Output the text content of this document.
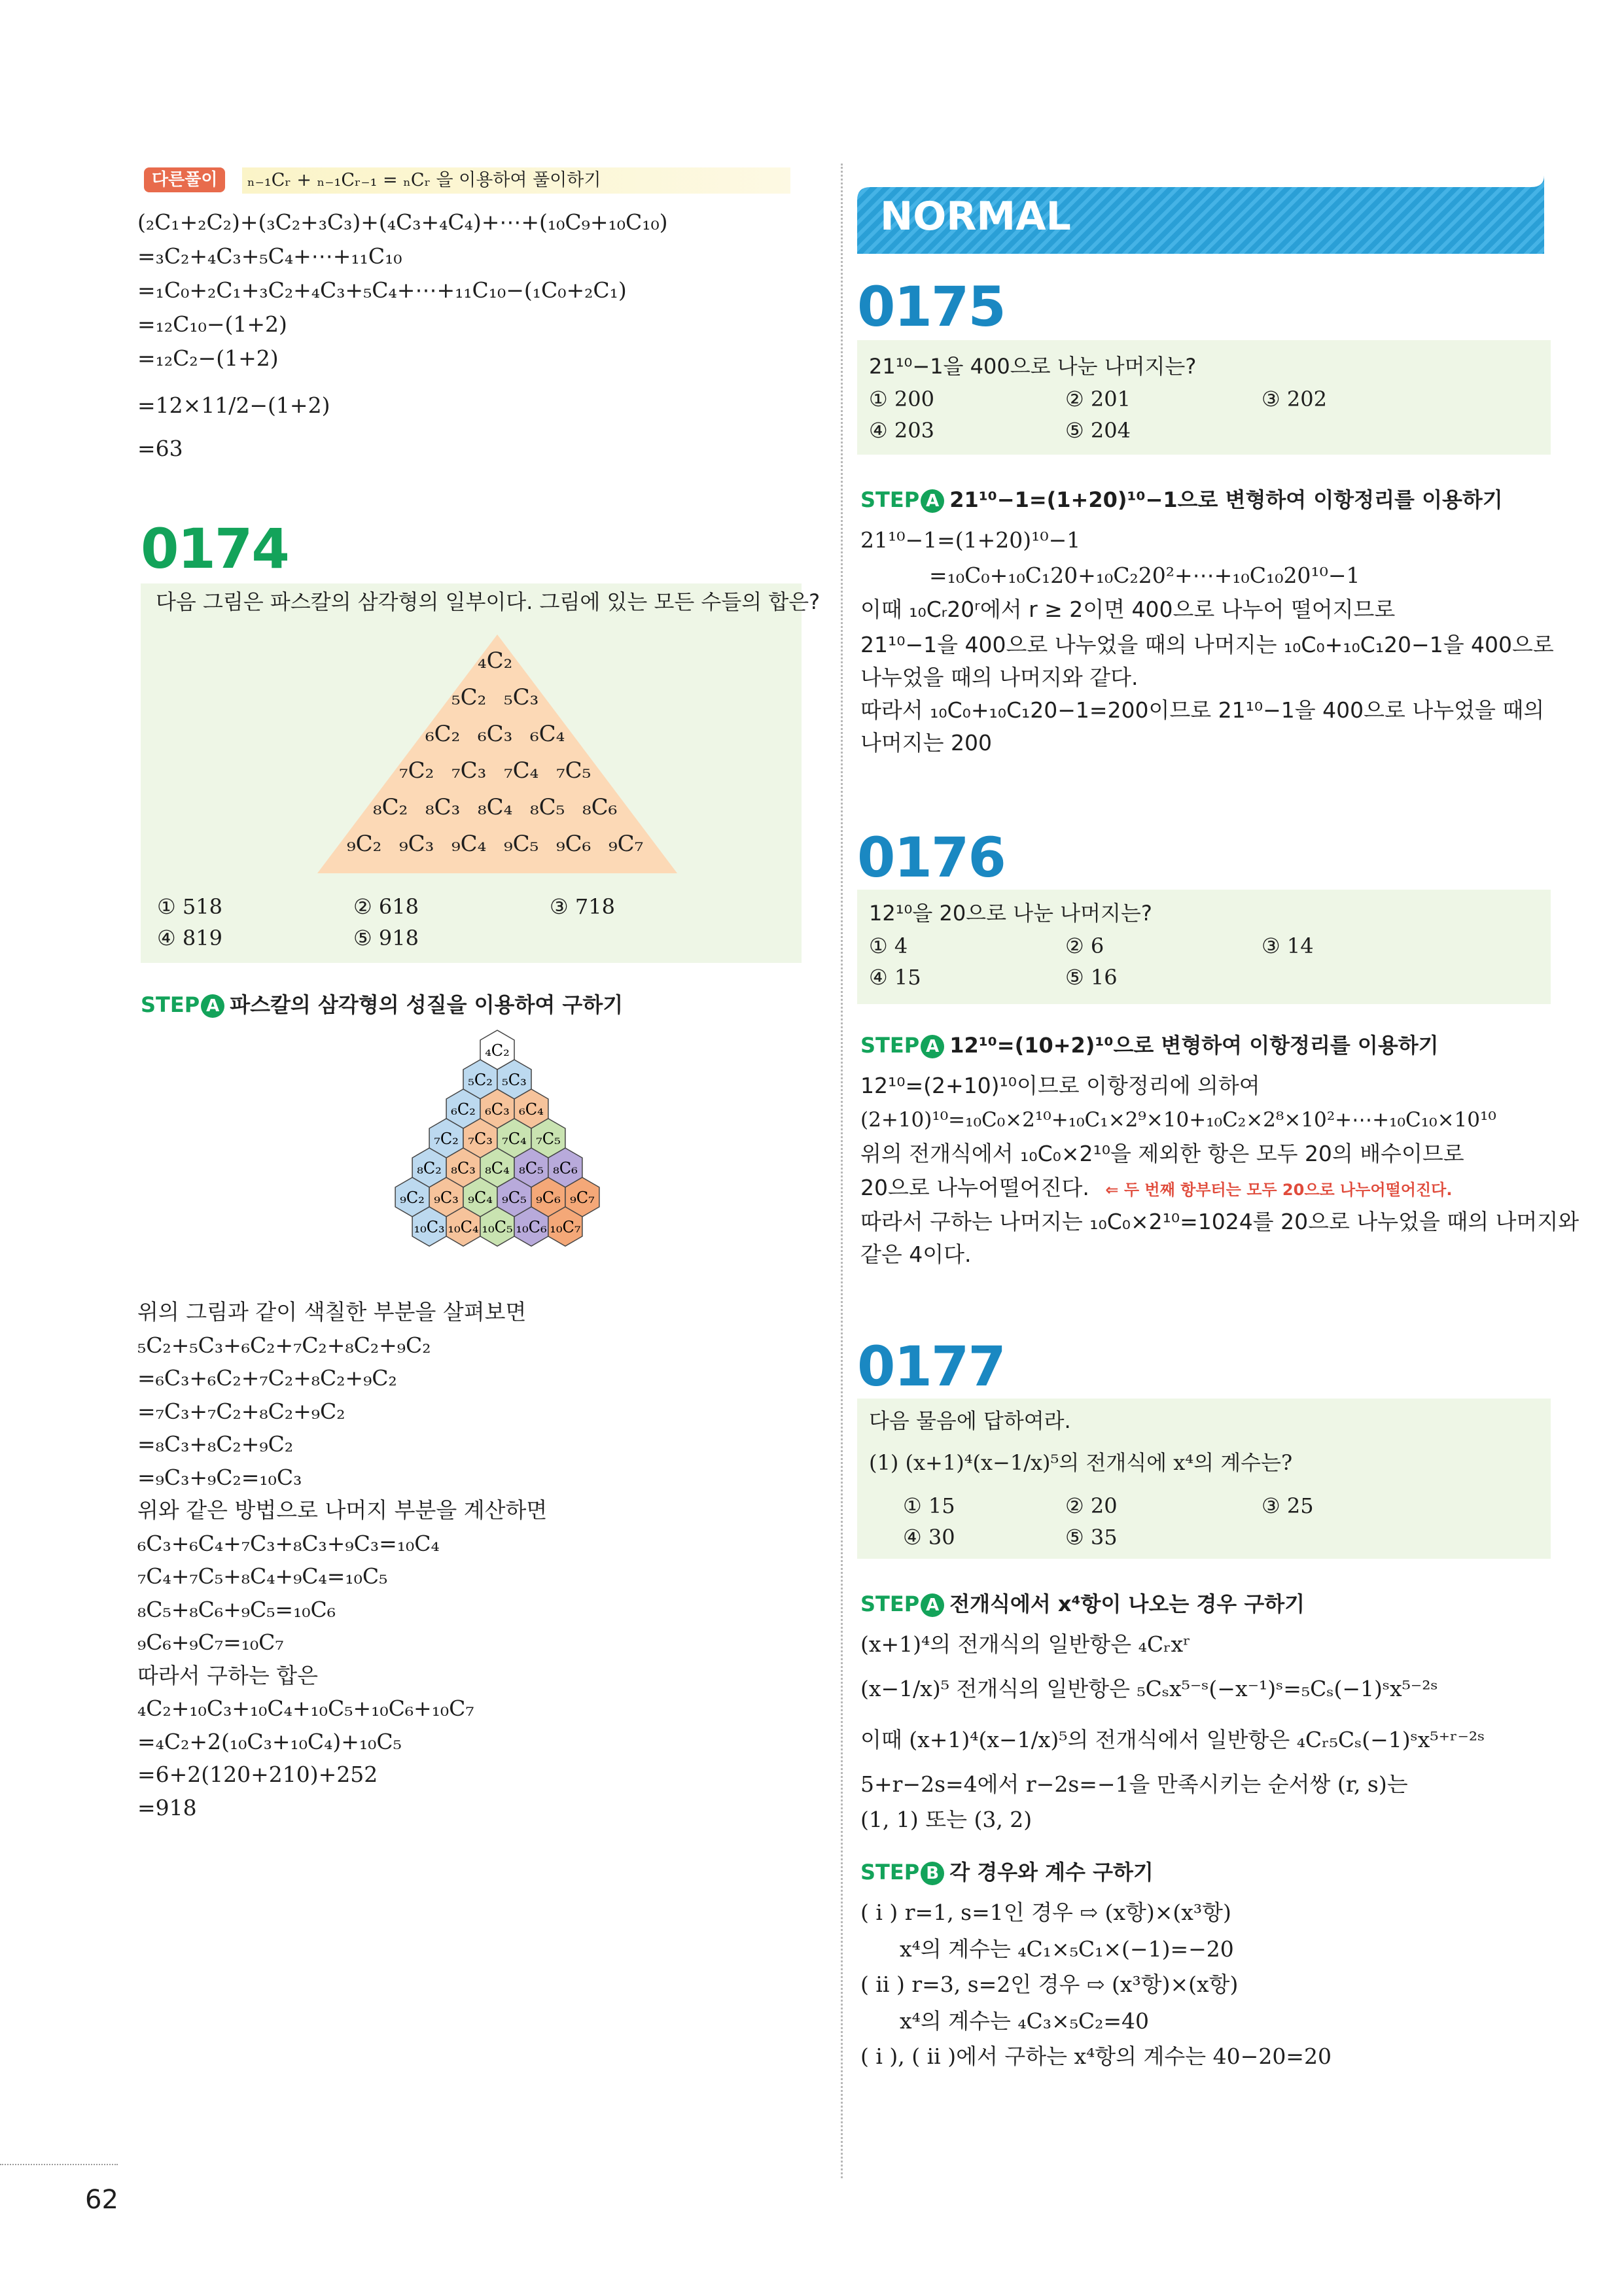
다른풀이	ₙ₋₁Cᵣ + ₙ₋₁Cᵣ₋₁ = ₙCᵣ 을 이용하여 풀이하기
(₂C₁+₂C₂)+(₃C₂+₃C₃)+(₄C₃+₄C₄)+⋯+(₁₀C₉+₁₀C₁₀)
=₃C₂+₄C₃+₅C₄+⋯+₁₁C₁₀
=₁C₀+₂C₁+₃C₂+₄C₃+₅C₄+⋯+₁₁C₁₀−(₁C₀+₂C₁)
=₁₂C₁₀−(1+2)
=₁₂C₂−(1+2)
=12×11/2−(1+2)
=63
0174
다음 그림은 파스칼의 삼각형의 일부이다. 그림에 있는 모든 수들의 합은?
₄C₂
₅C₂ ₅C₃
₆C₂ ₆C₃ ₆C₄
₇C₂ ₇C₃ ₇C₄ ₇C₅
₈C₂ ₈C₃ ₈C₄ ₈C₅ ₈C₆
₉C₂ ₉C₃ ₉C₄ ₉C₅ ₉C₆ ₉C₇
① 518	② 618	③ 718
④ 819	⑤ 918
STEP A 파스칼의 삼각형의 성질을 이용하여 구하기
₄C₂
₅C₂ ₅C₃
₆C₂ ₆C₃ ₆C₄
₇C₂ ₇C₃ ₇C₄ ₇C₅
₈C₂ ₈C₃ ₈C₄ ₈C₅ ₈C₆
₉C₂ ₉C₃ ₉C₄ ₉C₅ ₉C₆ ₉C₇
₁₀C₃ ₁₀C₄ ₁₀C₅ ₁₀C₆ ₁₀C₇
위의 그림과 같이 색칠한 부분을 살펴보면
₅C₂+₅C₃+₆C₂+₇C₂+₈C₂+₉C₂
=₆C₃+₆C₂+₇C₂+₈C₂+₉C₂
=₇C₃+₇C₂+₈C₂+₉C₂
=₈C₃+₈C₂+₉C₂
=₉C₃+₉C₂=₁₀C₃
위와 같은 방법으로 나머지 부분을 계산하면
₆C₃+₆C₄+₇C₃+₈C₃+₉C₃=₁₀C₄
₇C₄+₇C₅+₈C₄+₉C₄=₁₀C₅
₈C₅+₈C₆+₉C₅=₁₀C₆
₉C₆+₉C₇=₁₀C₇
따라서 구하는 합은
₄C₂+₁₀C₃+₁₀C₄+₁₀C₅+₁₀C₆+₁₀C₇
=₄C₂+2(₁₀C₃+₁₀C₄)+₁₀C₅
=6+2(120+210)+252
=918
NORMAL
0175
21¹⁰−1을 400으로 나눈 나머지는?
① 200	② 201	③ 202
④ 203	⑤ 204
STEP A 21¹⁰−1=(1+20)¹⁰−1으로 변형하여 이항정리를 이용하기
21¹⁰−1=(1+20)¹⁰−1
=₁₀C₀+₁₀C₁20+₁₀C₂20²+⋯+₁₀C₁₀20¹⁰−1
이때 ₁₀Cᵣ20ʳ에서 r ≥ 2이면 400으로 나누어 떨어지므로
21¹⁰−1을 400으로 나누었을 때의 나머지는 ₁₀C₀+₁₀C₁20−1을 400으로
나누었을 때의 나머지와 같다.
따라서 ₁₀C₀+₁₀C₁20−1=200이므로 21¹⁰−1을 400으로 나누었을 때의
나머지는 200
0176
12¹⁰을 20으로 나눈 나머지는?
① 4	② 6	③ 14
④ 15	⑤ 16
STEP A 12¹⁰=(10+2)¹⁰으로 변형하여 이항정리를 이용하기
12¹⁰=(2+10)¹⁰이므로 이항정리에 의하여
(2+10)¹⁰=₁₀C₀×2¹⁰+₁₀C₁×2⁹×10+₁₀C₂×2⁸×10²+⋯+₁₀C₁₀×10¹⁰
위의 전개식에서 ₁₀C₀×2¹⁰을 제외한 항은 모두 20의 배수이므로
20으로 나누어떨어진다. ⇐ 두 번째 항부터는 모두 20으로 나누어떨어진다.
따라서 구하는 나머지는 ₁₀C₀×2¹⁰=1024를 20으로 나누었을 때의 나머지와
같은 4이다.
0177
다음 물음에 답하여라.
(1) (x+1)⁴(x−1/x)⁵의 전개식에 x⁴의 계수는?
① 15	② 20	③ 25
④ 30	⑤ 35
STEP A 전개식에서 x⁴항이 나오는 경우 구하기
(x+1)⁴의 전개식의 일반항은 ₄Cᵣxʳ
(x−1/x)⁵ 전개식의 일반항은 ₅Cₛx⁵⁻ˢ(−x⁻¹)ˢ=₅Cₛ(−1)ˢx⁵⁻²ˢ
이때 (x+1)⁴(x−1/x)⁵의 전개식에서 일반항은 ₄Cᵣ₅Cₛ(−1)ˢx⁵⁺ʳ⁻²ˢ
5+r−2s=4에서 r−2s=−1을 만족시키는 순서쌍 (r, s)는
(1, 1) 또는 (3, 2)
STEP B 각 경우와 계수 구하기
( i ) r=1, s=1인 경우 ⇨ (x항)×(x³항)
x⁴의 계수는 ₄C₁×₅C₁×(−1)=−20
( ii ) r=3, s=2인 경우 ⇨ (x³항)×(x항)
x⁴의 계수는 ₄C₃×₅C₂=40
( i ), ( ii )에서 구하는 x⁴항의 계수는 40−20=20
62
